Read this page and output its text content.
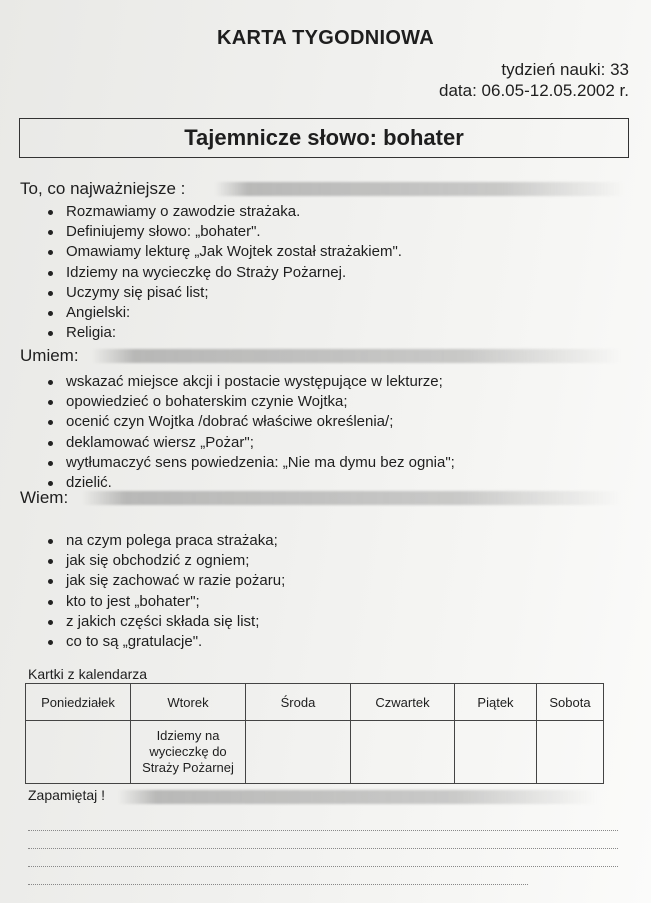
KARTA TYGODNIOWA
tydzień nauki: 33
data: 06.05-12.05.2002 r.
Tajemnicze słowo: bohater
To, co najważniejsze :
Rozmawiamy o zawodzie strażaka.
Definiujemy słowo: „bohater".
Omawiamy lekturę „Jak Wojtek został strażakiem".
Idziemy na wycieczkę do Straży Pożarnej.
Uczymy się pisać list;
Angielski:
Religia:
Umiem:
wskazać miejsce akcji i postacie występujące w lekturze;
opowiedzieć o bohaterskim czynie Wojtka;
ocenić czyn Wojtka /dobrać właściwe określenia/;
deklamować wiersz „Pożar";
wytłumaczyć sens powiedzenia: „Nie ma dymu bez ognia";
dzielić.
Wiem:
na czym polega praca strażaka;
jak się obchodzić z ogniem;
jak się zachować w razie pożaru;
kto to jest „bohater";
z jakich części składa się list;
co to są „gratulacje".
Kartki z kalendarza
Poniedziałek	Wtorek	Środa	Czwartek	Piątek	Sobota
	Idziemy na wycieczkę do Straży Pożarnej				
Zapamiętaj !
